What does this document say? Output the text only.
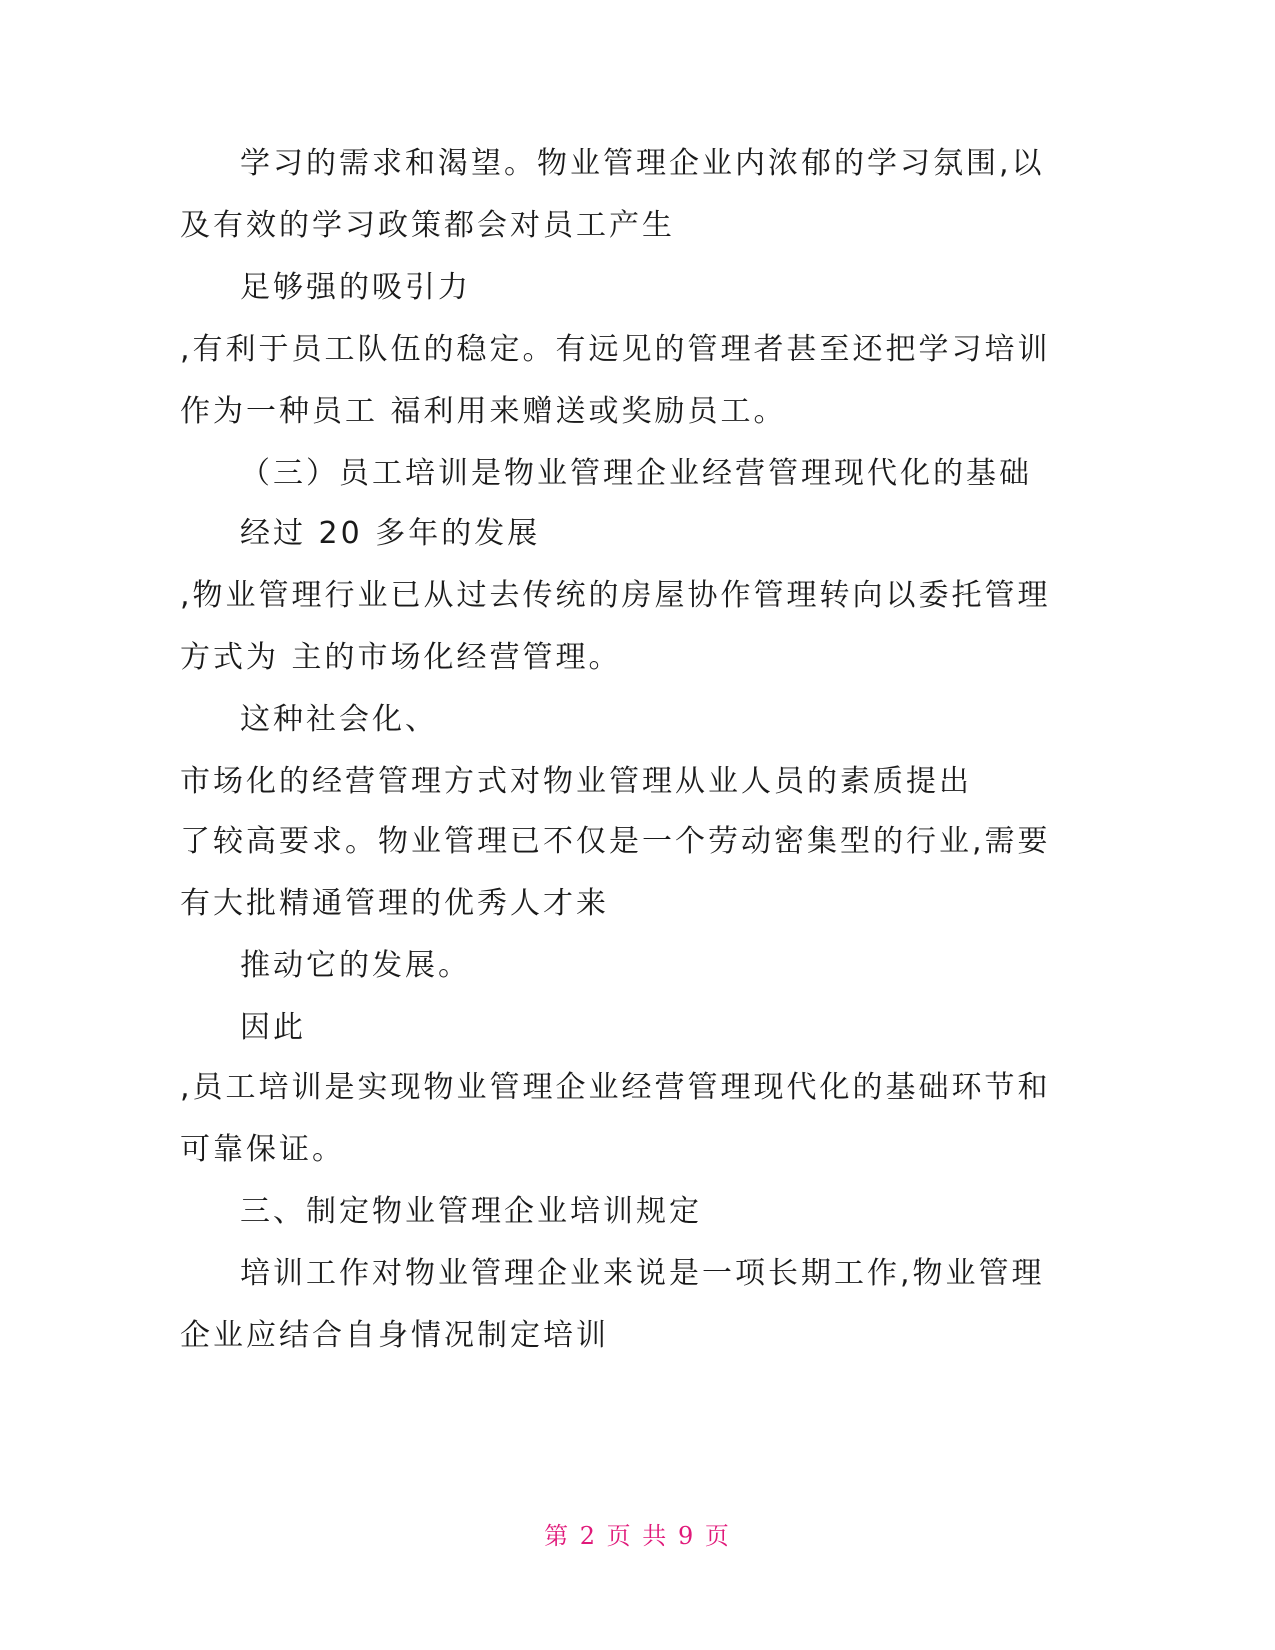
学习的需求和渴望。物业管理企业内浓郁的学习氛围,以
及有效的学习政策都会对员工产生
足够强的吸引力
,有利于员工队伍的稳定。有远见的管理者甚至还把学习培训
作为一种员工 福利用来赠送或奖励员工。
（三）员工培训是物业管理企业经营管理现代化的基础
经过 20 多年的发展
,物业管理行业已从过去传统的房屋协作管理转向以委托管理
方式为 主的市场化经营管理。
这种社会化、
市场化的经营管理方式对物业管理从业人员的素质提出
了较高要求。物业管理已不仅是一个劳动密集型的行业,需要
有大批精通管理的优秀人才来
推动它的发展。
因此
,员工培训是实现物业管理企业经营管理现代化的基础环节和
可靠保证。
三、制定物业管理企业培训规定
培训工作对物业管理企业来说是一项长期工作,物业管理
企业应结合自身情况制定培训
第 2 页 共 9 页
